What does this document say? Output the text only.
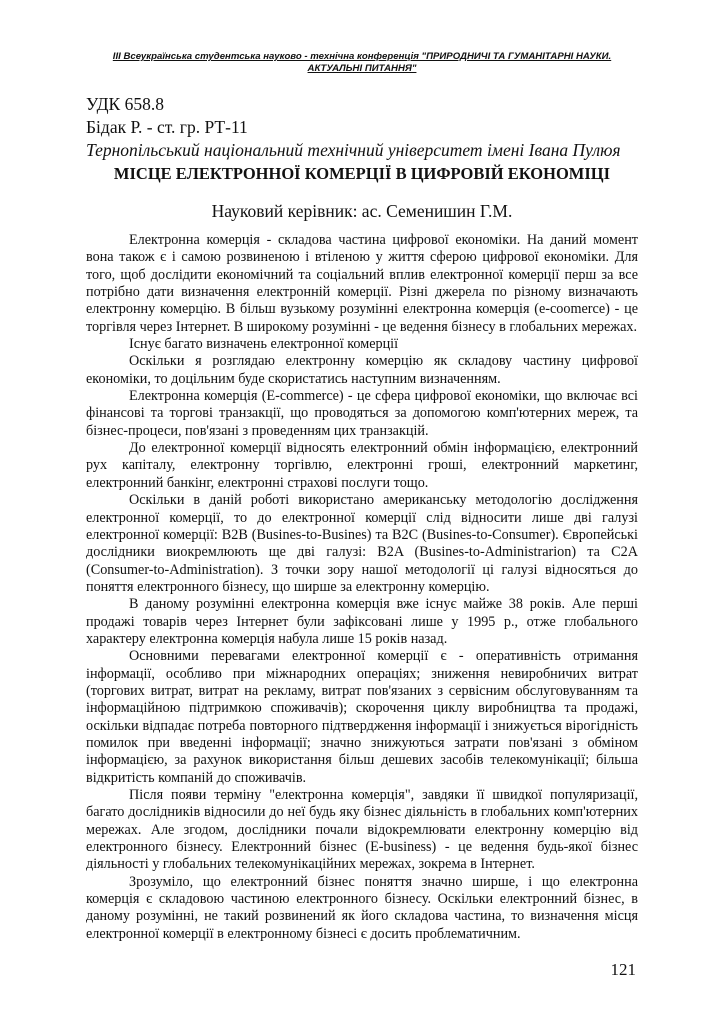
III Всеукраїнська студентська науково - технічна конференція "ПРИРОДНИЧІ ТА ГУМАНІТАРНІ НАУКИ. АКТУАЛЬНІ ПИТАННЯ"
УДК 658.8
Бідак Р. - ст. гр. РТ-11
Тернопільський національний технічний університет імені Івана Пулюя
МІСЦЕ ЕЛЕКТРОННОЇ КОМЕРЦІЇ В ЦИФРОВІЙ ЕКОНОМІЦІ
Науковий керівник: ас. Семенишин Г.М.

Електронна комерція - складова частина цифрової економіки. На даний момент вона також є і самою розвиненою і втіленою у життя сферою цифрової економіки. Для того, щоб дослідити економічний та соціальний вплив електронної комерції перш за все потрібно дати визначення електронній комерції. Різні джерела по різному визначають електронну комерцію. В більш вузькому розумінні електронна комерція (e-coomerce) - це торгівля через Інтернет. В широкому розумінні - це ведення бізнесу в глобальних мережах.

Існує багато визначень електронної комерції

Оскільки я розглядаю електронну комерцію як складову частину цифрової економіки, то доцільним буде скористатись наступним визначенням.

Електронна комерція (E-commerce) - це сфера цифрової економіки, що включає всі фінансові та торгові транзакції, що проводяться за допомогою комп'ютерних мереж, та бізнес-процеси, пов'язані з проведенням цих транзакцій.

До електронної комерції відносять електронний обмін інформацією, електронний рух капіталу, електронну торгівлю, електронні гроші, електронний маркетинг, електронний банкінг, електронні страхові послуги тощо.

Оскільки в даній роботі використано американську методологію дослідження електронної комерції, то до електронної комерції слід відносити лише дві галузі електронної комерції: B2B (Busines-to-Busines) та B2C (Busines-to-Consumer). Європейські дослідники виокремлюють ще дві галузі: B2A (Busines-to-Administrarion) та C2A (Consumer-to-Administration). З точки зору нашої методології ці галузі відносяться до поняття електронного бізнесу, що ширше за електронну комерцію.

В даному розумінні електронна комерція вже існує майже 38 років. Але перші продажі товарів через Інтернет були зафіксовані лише у 1995 р., отже глобального характеру електронна комерція набула лише 15 років назад.

Основними перевагами електронної комерції є - оперативність отримання інформації, особливо при міжнародних операціях; зниження невиробничих витрат (торгових витрат, витрат на рекламу, витрат пов'язаних з сервісним обслуговуванням та інформаційною підтримкою споживачів); скорочення циклу виробництва та продажі, оскільки відпадає потреба повторного підтвердження інформації і знижується вірогідність помилок при введенні інформації; значно знижуються затрати пов'язані з обміном інформацією, за рахунок використання більш дешевих засобів телекомунікації; більша відкритість компаній до споживачів.

Після появи терміну "електронна комерція", завдяки її швидкої популяризації, багато дослідників відносили до неї будь яку бізнес діяльність в глобальних комп'ютерних мережах. Але згодом, дослідники почали відокремлювати електронну комерцію від електронного бізнесу. Електронний бізнес (E-business) - це ведення будь-якої бізнес діяльності у глобальних телекомунікаційних мережах, зокрема в Інтернет.

Зрозуміло, що електронний бізнес поняття значно ширше, і що електронна комерція є складовою частиною електронного бізнесу. Оскільки електронний бізнес, в даному розумінні, не такий розвинений як його складова частина, то визначення місця електронної комерції в електронному бізнесі є досить проблематичним.

121
